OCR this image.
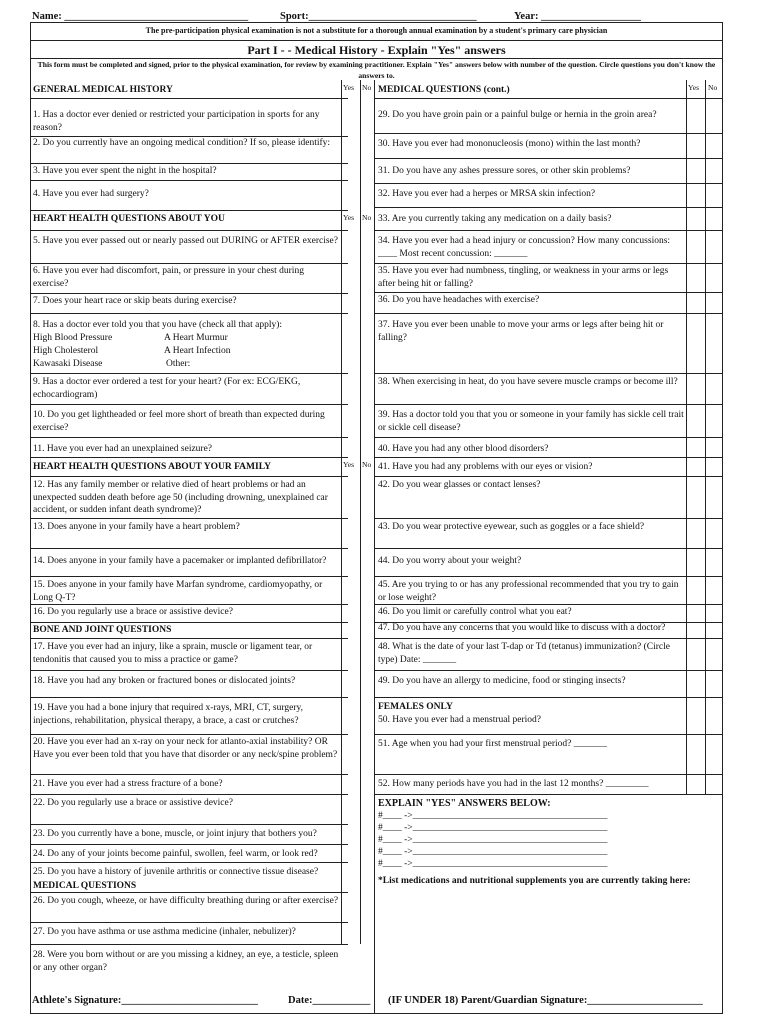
Name: ___________________________________	Sport:________________________________	Year: ___________________
The pre-participation physical examination is not a substitute for a thorough annual examination by a student's primary care physician
Part I - - Medical History - Explain "Yes" answers
This form must be completed and signed, prior to the physical examination, for review by examining practitioner. Explain "Yes" answers below with number of the question. Circle questions you don't know the answers to.
Yes No	Yes No
Yes No
Yes No
GENERAL MEDICAL HISTORY
1. Has a doctor ever denied or restricted your participation in sports for any reason?
2. Do you currently have an ongoing medical condition? If so, please identify:
3. Have you ever spent the night in the hospital?
4. Have you ever had surgery?
HEART HEALTH QUESTIONS ABOUT YOU
5. Have you ever passed out or nearly passed out DURING or AFTER exercise?
6. Have you ever had discomfort, pain, or pressure in your chest during exercise?
7. Does your heart race or skip beats during exercise?
8. Has a doctor ever told you that you have (check all that apply):
High Blood Pressure	A Heart Murmur
High Cholesterol	A Heart Infection
Kawasaki Disease	Other:
9. Has a doctor ever ordered a test for your heart? (For ex: ECG/EKG, echocardiogram)
10. Do you get lightheaded or feel more short of breath than expected during exercise?
11. Have you ever had an unexplained seizure?
HEART HEALTH QUESTIONS ABOUT YOUR FAMILY
12. Has any family member or relative died of heart problems or had an unexpected sudden death before age 50 (including drowning, unexplained car accident, or sudden infant death syndrome)?
13. Does anyone in your family have a heart problem?
14. Does anyone in your family have a pacemaker or implanted defibrillator?
15. Does anyone in your family have Marfan syndrome, cardiomyopathy, or Long Q-T?
16. Do you regularly use a brace or assistive device?
BONE AND JOINT QUESTIONS
17. Have you ever had an injury, like a sprain, muscle or ligament tear, or tendonitis that caused you to miss a practice or game?
18. Have you had any broken or fractured bones or dislocated joints?
19. Have you had a bone injury that required x-rays, MRI, CT, surgery, injections, rehabilitation, physical therapy, a brace, a cast or crutches?
20. Have you ever had an x-ray on your neck for atlanto-axial instability? OR Have you ever been told that you have that disorder or any neck/spine problem?
21. Have you ever had a stress fracture of a bone?
22. Do you regularly use a brace or assistive device?
23. Do you currently have a bone, muscle, or joint injury that bothers you?
24. Do any of your joints become painful, swollen, feel warm, or look red?
25. Do you have a history of juvenile arthritis or connective tissue disease?
MEDICAL QUESTIONS
26. Do you cough, wheeze, or have difficulty breathing during or after exercise?
27. Do you have asthma or use asthma medicine (inhaler, nebulizer)?
28. Were you born without or are you missing a kidney, an eye, a testicle, spleen or any other organ?
MEDICAL QUESTIONS (cont.)
29. Do you have groin pain or a painful bulge or hernia in the groin area?
30. Have you ever had mononucleosis (mono) within the last month?
31. Do you have any ashes pressure sores, or other skin problems?
32. Have you ever had a herpes or MRSA skin infection?
33. Are you currently taking any medication on a daily basis?
34. Have you ever had a head injury or concussion? How many concussions: ____ Most recent concussion: _______
35. Have you ever had numbness, tingling, or weakness in your arms or legs after being hit or falling?
36. Do you have headaches with exercise?
37. Have you ever been unable to move your arms or legs after being hit or falling?
38. When exercising in heat, do you have severe muscle cramps or become ill?
39. Has a doctor told you that you or someone in your family has sickle cell trait or sickle cell disease?
40. Have you had any other blood disorders?
41. Have you had any problems with our eyes or vision?
42. Do you wear glasses or contact lenses?
43. Do you wear protective eyewear, such as goggles or a face shield?
44. Do you worry about your weight?
45. Are you trying to or has any professional recommended that you try to gain or lose weight?
46. Do you limit or carefully control what you eat?
47. Do you have any concerns that you would like to discuss with a doctor?
48. What is the date of your last T-dap or Td (tetanus) immunization? (Circle type) Date: _______
49. Do you have an allergy to medicine, food or stinging insects?
FEMALES ONLY
50. Have you ever had a menstrual period?
51. Age when you had your first menstrual period? _______
52. How many periods have you had in the last 12 months? _________
EXPLAIN "YES" ANSWERS BELOW:
#____ ->_________________________________________
#____ ->_________________________________________
#____ ->_________________________________________
#____ ->_________________________________________
#____ ->_________________________________________
*List medications and nutritional supplements you are currently taking here:
Athlete's Signature:__________________________	Date:___________ (IF UNDER 18) Parent/Guardian Signature:______________________
